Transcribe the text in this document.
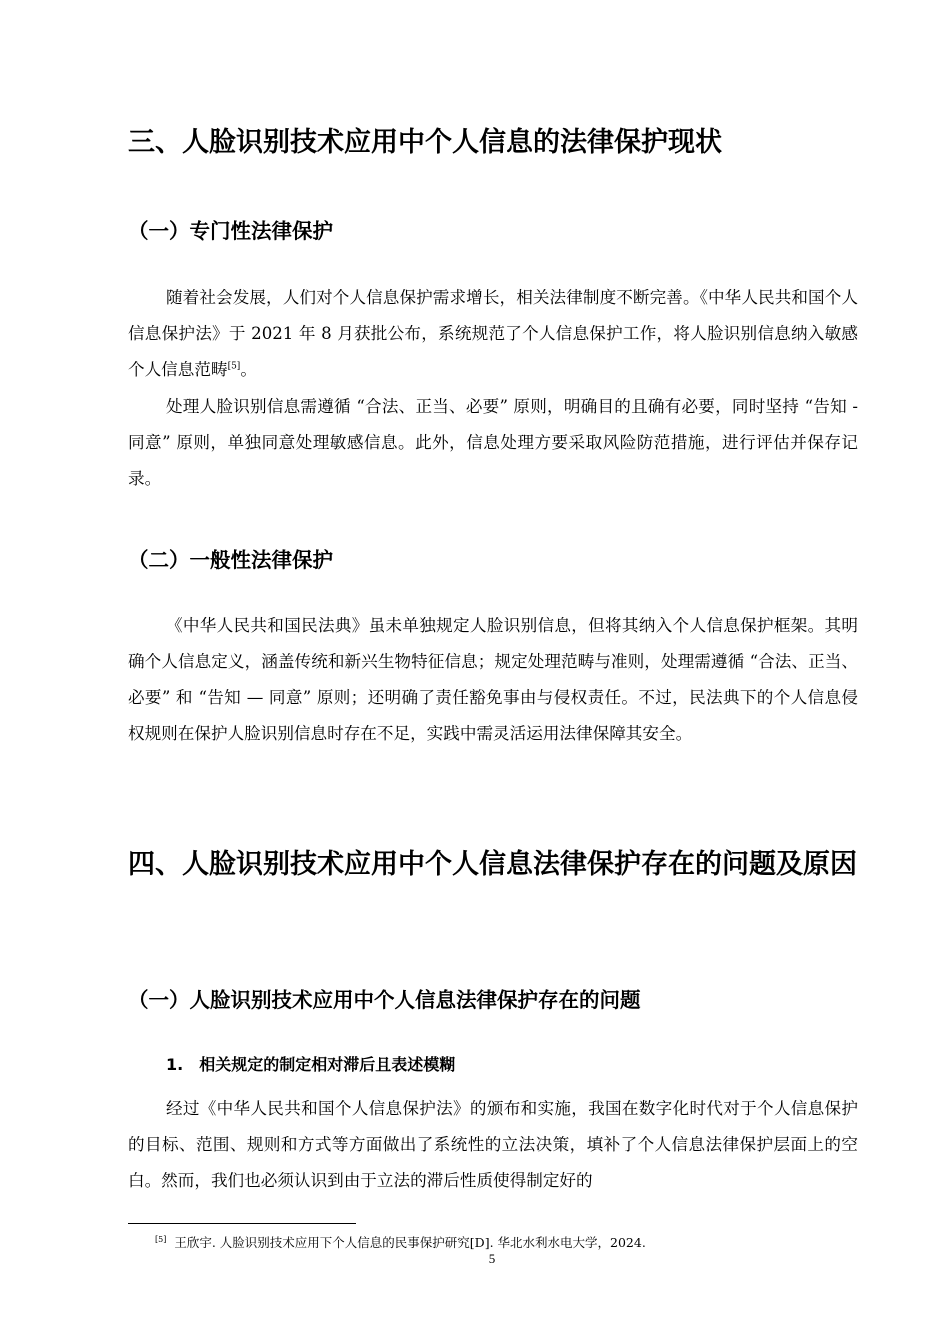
三、人脸识别技术应用中个人信息的法律保护现状
（一）专门性法律保护

随着社会发展，人们对个人信息保护需求增长，相关法律制度不断完善。《中华人民共和国个人信息保护法》于 2021 年 8 月获批公布，系统规范了个人信息保护工作，将人脸识别信息纳入敏感个人信息范畴[5]。

处理人脸识别信息需遵循 “合法、正当、必要” 原则，明确目的且确有必要，同时坚持 “告知 - 同意” 原则，单独同意处理敏感信息。此外，信息处理方要采取风险防范措施，进行评估并保存记录。

（二）一般性法律保护

《中华人民共和国民法典》虽未单独规定人脸识别信息，但将其纳入个人信息保护框架。其明确个人信息定义，涵盖传统和新兴生物特征信息；规定处理范畴与准则，处理需遵循 “合法、正当、必要” 和 “告知 — 同意” 原则；还明确了责任豁免事由与侵权责任。不过，民法典下的个人信息侵权规则在保护人脸识别信息时存在不足，实践中需灵活运用法律保障其安全。

四、人脸识别技术应用中个人信息法律保护存在的问题及原因
（一）人脸识别技术应用中个人信息法律保护存在的问题
1.　相关规定的制定相对滞后且表述模糊

经过《中华人民共和国个人信息保护法》的颁布和实施，我国在数字化时代对于个人信息保护的目标、范围、规则和方式等方面做出了系统性的立法决策，填补了个人信息法律保护层面上的空白。然而，我们也必须认识到由于立法的滞后性质使得制定好的

[5] 王欣宇. 人脸识别技术应用下个人信息的民事保护研究[D]. 华北水利水电大学，2024.

5
